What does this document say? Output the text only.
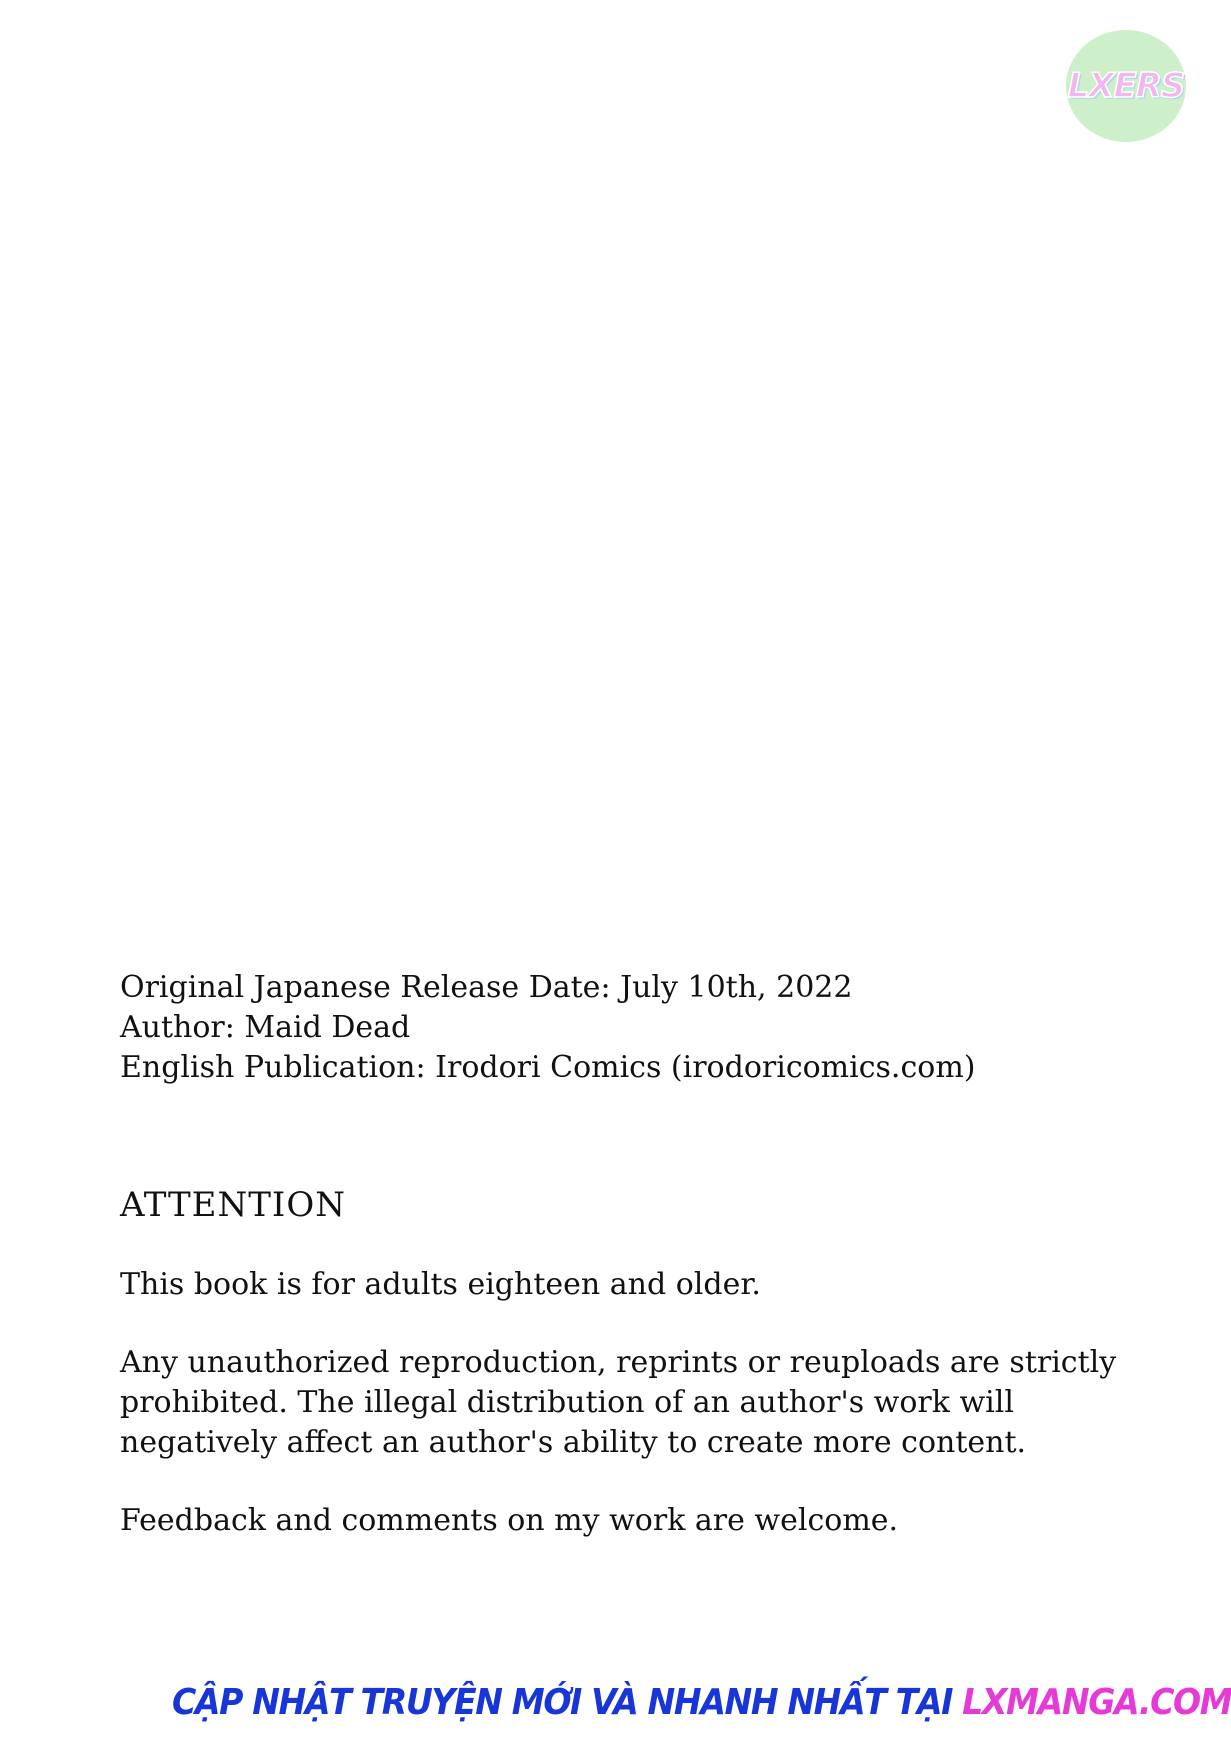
LXERS
Original Japanese Release Date: July 10th, 2022
Author: Maid Dead
English Publication: Irodori Comics (irodoricomics.com)
ATTENTION
This book is for adults eighteen and older.
Any unauthorized reproduction, reprints or reuploads are strictly
prohibited. The illegal distribution of an author's work will
negatively affect an author's ability to create more content.
Feedback and comments on my work are welcome.
CẬP NHẬT TRUYỆN MỚI VÀ NHANH NHẤT TẠI LXMANGA.COM
